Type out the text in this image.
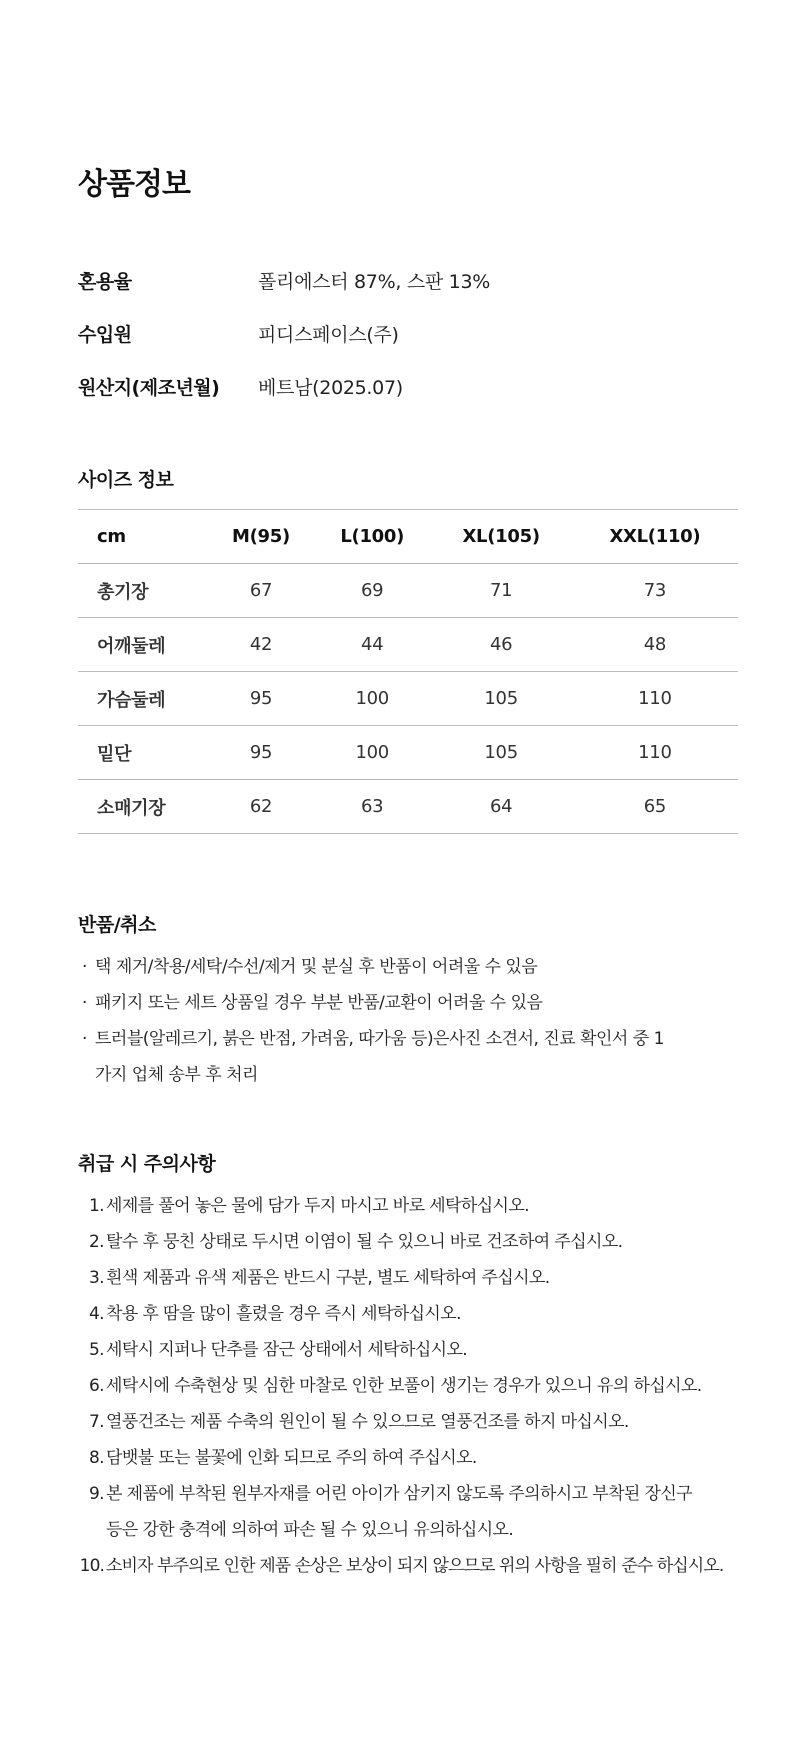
상품정보
혼용율	폴리에스터 87%, 스판 13%
수입원	피디스페이스(주)
원산지(제조년월)	베트남(2025.07)
사이즈 정보
cm	M(95)	L(100)	XL(105)	XXL(110)
총기장	67	69	71	73
어깨둘레	42	44	46	48
가슴둘레	95	100	105	110
밑단	95	100	105	110
소매기장	62	63	64	65
반품/취소
· 택 제거/착용/세탁/수선/제거 및 분실 후 반품이 어려울 수 있음
· 패키지 또는 세트 상품일 경우 부분 반품/교환이 어려울 수 있음
· 트러블(알레르기, 붉은 반점, 가려움, 따가움 등)은사진 소견서, 진료 확인서 중 1가지 업체 송부 후 처리
취급 시 주의사항
1. 세제를 풀어 놓은 물에 담가 두지 마시고 바로 세탁하십시오.
2. 탈수 후 뭉친 상태로 두시면 이염이 될 수 있으니 바로 건조하여 주십시오.
3. 흰색 제품과 유색 제품은 반드시 구분, 별도 세탁하여 주십시오.
4. 착용 후 땀을 많이 흘렸을 경우 즉시 세탁하십시오.
5. 세탁시 지퍼나 단추를 잠근 상태에서 세탁하십시오.
6. 세탁시에 수축현상 및 심한 마찰로 인한 보풀이 생기는 경우가 있으니 유의 하십시오.
7. 열풍건조는 제품 수축의 원인이 될 수 있으므로 열풍건조를 하지 마십시오.
8. 담뱃불 또는 불꽃에 인화 되므로 주의 하여 주십시오.
9. 본 제품에 부착된 원부자재를 어린 아이가 삼키지 않도록 주의하시고 부착된 장신구 등은 강한 충격에 의하여 파손 될 수 있으니 유의하십시오.
10. 소비자 부주의로 인한 제품 손상은 보상이 되지 않으므로 위의 사항을 필히 준수 하십시오.
